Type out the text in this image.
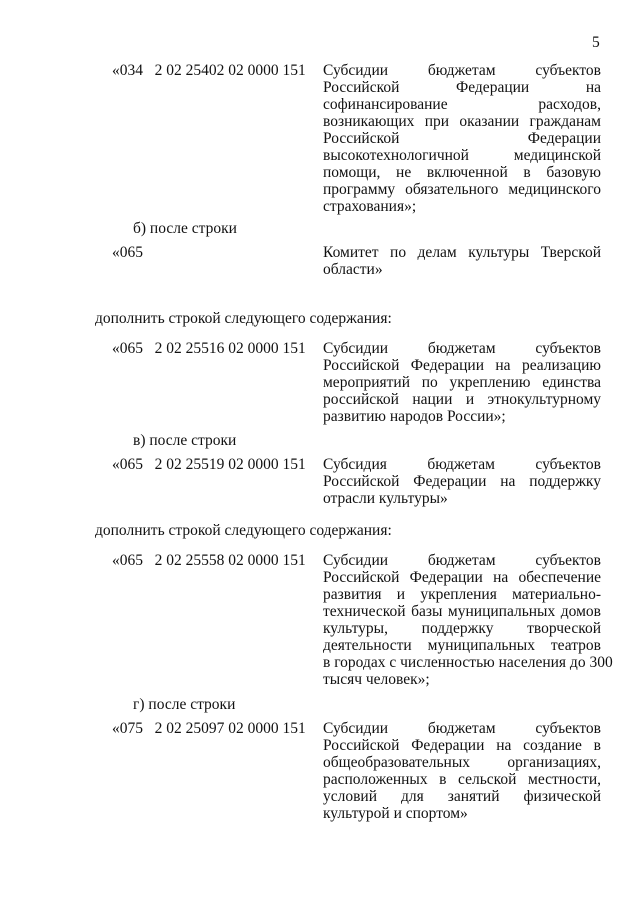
5
«034   2 02 25402 02 0000 151 Субсидии бюджетам субъектов
Российской Федерации на
софинансирование расходов,
возникающих при оказании гражданам
Российской Федерации
высокотехнологичной медицинской
помощи, не включенной в базовую
программу обязательного медицинского
страхования»;
б) после строки
«065	Комитет по делам культуры Тверской
области»
дополнить строкой следующего содержания:
«065   2 02 25516 02 0000 151 Субсидии бюджетам субъектов
Российской Федерации на реализацию
мероприятий по укреплению единства
российской нации и этнокультурному
развитию народов России»;
в) после строки
«065   2 02 25519 02 0000 151 Субсидия бюджетам субъектов
Российской Федерации на поддержку
отрасли культуры»
дополнить строкой следующего содержания:
«065   2 02 25558 02 0000 151 Субсидии бюджетам субъектов
Российской Федерации на обеспечение
развития и укрепления материально-
технической базы муниципальных домов
культуры, поддержку творческой
деятельности муниципальных театров
в городах с численностью населения до 300
тысяч человек»;
г) после строки
«075   2 02 25097 02 0000 151 Субсидии бюджетам субъектов
Российской Федерации на создание в
общеобразовательных организациях,
расположенных в сельской местности,
условий для занятий физической
культурой и спортом»
